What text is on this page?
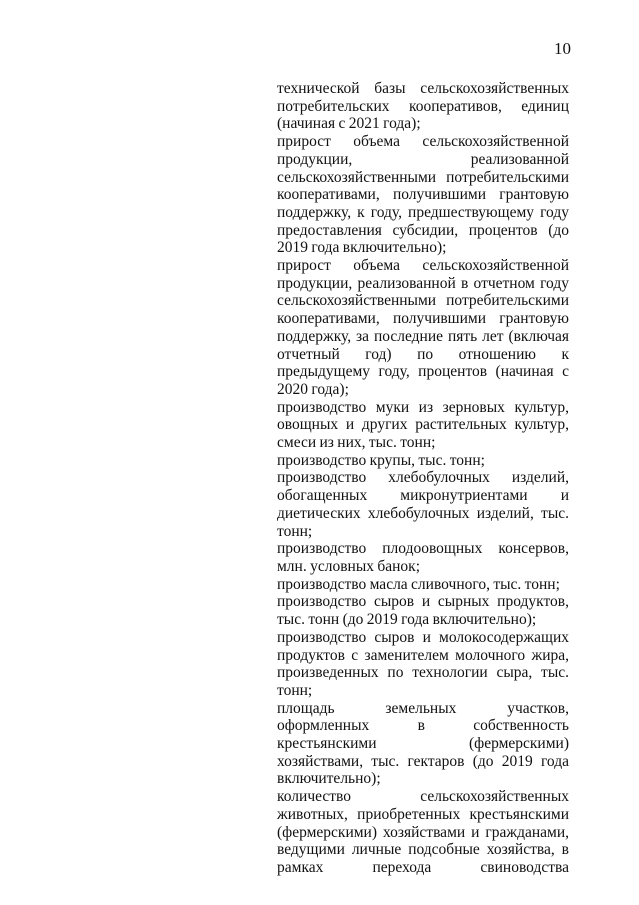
10

технической базы сельскохозяйственных потребительских кооперативов, единиц (начиная с 2021 года);

прирост объема сельскохозяйственной продукции, реализованной сельскохозяйственными потребительскими кооперативами, получившими грантовую поддержку, к году, предшествующему году предоставления субсидии, процентов (до 2019 года включительно);

прирост объема сельскохозяйственной продукции, реализованной в отчетном году сельскохозяйственными потребительскими кооперативами, получившими грантовую поддержку, за последние пять лет (включая отчетный год) по отношению к предыдущему году, процентов (начиная с 2020 года);

производство муки из зерновых культур, овощных и других растительных культур, смеси из них, тыс. тонн;

производство крупы, тыс. тонн;

производство хлебобулочных изделий, обогащенных микронутриентами и диетических хлебобулочных изделий, тыс. тонн;

производство плодоовощных консервов, млн. условных банок;

производство масла сливочного, тыс. тонн;

производство сыров и сырных продуктов, тыс. тонн (до 2019 года включительно);

производство сыров и молокосодержащих продуктов с заменителем молочного жира, произведенных по технологии сыра, тыс. тонн;

площадь земельных участков, оформленных в собственность крестьянскими (фермерскими) хозяйствами, тыс. гектаров (до 2019 года включительно);

количество сельскохозяйственных животных, приобретенных крестьянскими (фермерскими) хозяйствами и гражданами, ведущими личные подсобные хозяйства, в рамках перехода свиноводства
